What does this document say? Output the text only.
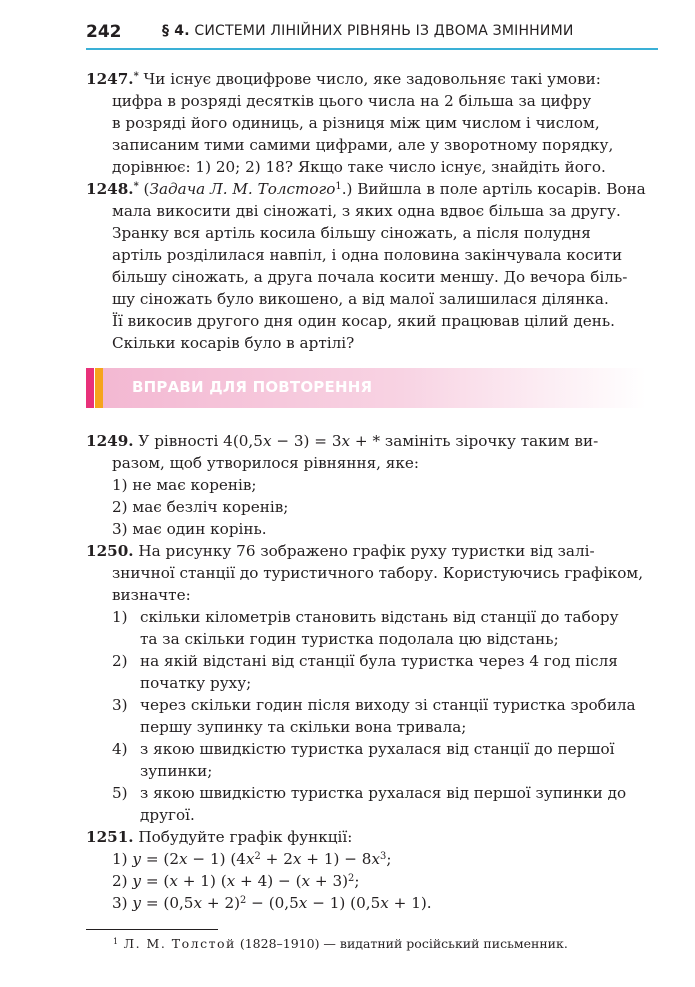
242	§ 4. СИСТЕМИ ЛІНІЙНИХ РІВНЯНЬ ІЗ ДВОМА ЗМІННИМИ
1247.* Чи існує двоцифрове число, яке задовольняє такі умови:
цифра в розряді десятків цього числа на 2 більша за цифру
в розряді його одиниць, а різниця між цим числом і числом,
записаним тими самими цифрами, але у зворотному порядку,
дорівнює: 1) 20; 2) 18? Якщо таке число існує, знайдіть його.
1248.* (Задача Л. М. Толстого$^1$.) Вийшла в поле артіль косарів. Вона
мала викосити дві сіножаті, з яких одна вдвоє більша за другу.
Зранку вся артіль косила більшу сіножать, а після полудня
артіль розділилася навпіл, і одна половина закінчувала косити
більшу сіножать, а друга почала косити меншу. До вечора біль-
шу сіножать було викошено, а від малої залишилася ділянка.
Її викосив другого дня один косар, який працював цілий день.
Скільки косарів було в артілі?
1249. У рівності 4(0,5x − 3) = 3x + * замініть зірочку таким ви-
разом, щоб утворилося рівняння, яке:
1) не має коренів;
2) має безліч коренів;
3) має один корінь.
1250. На рисунку 76 зображено графік руху туристки від залі-
зничної станції до туристичного табору. Користуючись графіком,
визначте:
1) скільки кілометрів становить відстань від станції до табору
та за скільки годин туристка подолала цю відстань;
2) на якій відстані від станції була туристка через 4 год після
початку руху;
3) через скільки годин після виходу зі станції туристка зробила
першу зупинку та скільки вона тривала;
4) з якою швидкістю туристка рухалася від станції до першої
зупинки;
5) з якою швидкістю туристка рухалася від першої зупинки до
другої.
1251. Побудуйте графік функції:
1) y = (2x − 1) $(4x^2 + 2x + 1) - 8x^3$;
2) y = (x + 1) $(x + 4) - (x + 3)^2$;
3) $y = (0,5x + 2)^2 - (0,5x - 1)$ (0,5x + 1).
ВПРАВИ ДЛЯ ПОВТОРЕННЯ
$^1$ Л. М. Толстой (1828–1910) — видатний російський письменник.
